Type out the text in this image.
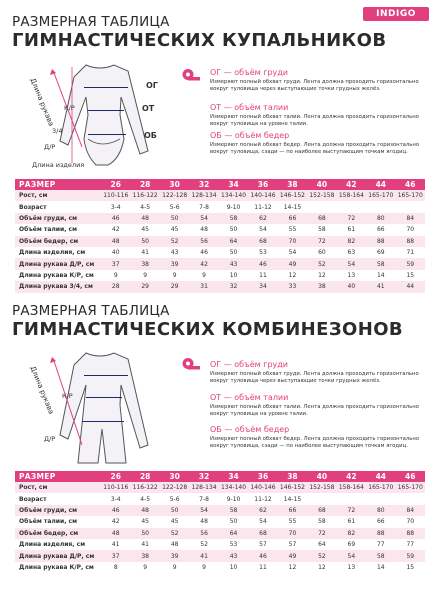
INDIGO
РАЗМЕРНАЯ ТАБЛИЦА
ГИМНАСТИЧЕСКИХ КУПАЛЬНИКОВ
Длина рукава К/Р
3/4
Д/Р
Длина изделия
ОГ
ОТ
ОБ
ОГ — объём груди
Измеряют полный обхват груди. Лента должна проходить горизонтально вокруг туловища через выступающие точки грудных желёз.
ОТ — объём талии
Измеряют полный обхват талии. Лента должна проходить горизонтально вокруг туловища на уровне талии.
ОБ — объём бедер
Измеряют полный обхват бедер. Лента должна проходить горизонтально вокруг туловища, сзади — по наиболее выступающим точкам ягодиц.
РАЗМЕР	26	28	30	32	34	36	38	40	42	44	46
Рост, см	110-116	116-122	122-128	128-134	134-140	140-146	146-152	152-158	158-164	165-170	165-170
Возраст	3-4	4-5	5-6	7-8	9-10	11-12	14-15				
Объём груди, см	46	48	50	54	58	62	66	68	72	80	84
Объём талии, см	42	45	45	48	50	54	55	58	61	66	70
Объём бедер, см	48	50	52	56	64	68	70	72	82	88	88
Длина изделия, см	40	41	43	46	50	53	54	60	63	69	71
Длина рукава Д/Р, см	37	38	39	42	43	46	49	52	54	58	59
Длина рукава К/Р, см	9	9	9	9	10	11	12	12	13	14	15
Длина рукава 3/4, см	28	29	29	31	32	34	33	38	40	41	44
РАЗМЕРНАЯ ТАБЛИЦА
ГИМНАСТИЧЕСКИХ КОМБИНЕЗОНОВ
Длина рукава К/Р
Д/Р
ОГ — объём груди
Измеряют полный обхват груди. Лента должна проходить горизонтально вокруг туловища через выступающие точки грудных желёз.
ОТ — объём талии
Измеряют полный обхват талии. Лента должна проходить горизонтально вокруг туловища на уровне талии.
ОБ — объём бедер
Измеряют полный обхват бедер. Лента должна проходить горизонтально вокруг туловища, сзади — по наиболее выступающим точкам ягодиц.
РАЗМЕР	26	28	30	32	34	36	38	40	42	44	46
Рост, см	110-116	116-122	122-128	128-134	134-140	140-146	146-152	152-158	158-164	165-170	165-170
Возраст	3-4	4-5	5-6	7-8	9-10	11-12	14-15				
Объём груди, см	46	48	50	54	58	62	66	68	72	80	84
Объём талии, см	42	45	45	48	50	54	55	58	61	66	70
Объём бедер, см	48	50	52	56	64	68	70	72	82	88	88
Длина изделия, см	41	41	48	52	53	57	57	64	69	77	77
Длина рукава Д/Р, см	37	38	39	41	43	46	49	52	54	58	59
Длина рукава К/Р, см	8	9	9	9	10	11	12	12	13	14	15
